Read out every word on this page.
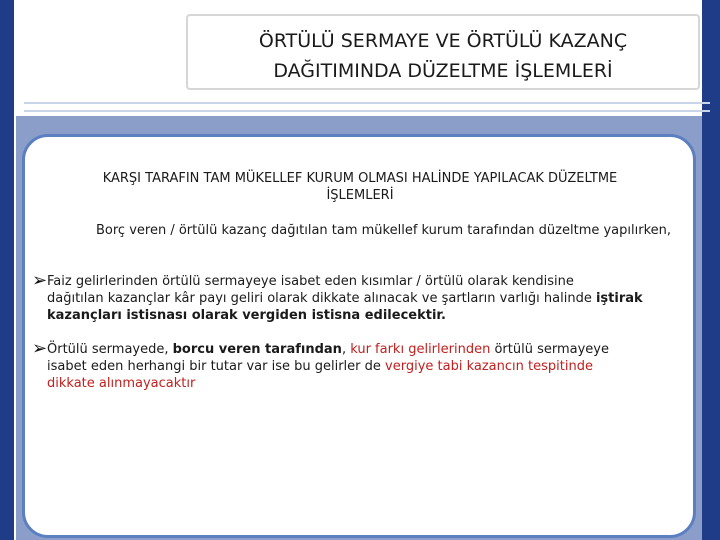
ÖRTÜLÜ SERMAYE VE ÖRTÜLÜ KAZANÇ
DAĞITIMINDA DÜZELTME İŞLEMLERİ
KARŞI TARAFIN TAM MÜKELLEF KURUM OLMASI HALİNDE YAPILACAK DÜZELTME
İŞLEMLERİ
Borç veren / örtülü kazanç dağıtılan tam mükellef kurum tarafından düzeltme yapılırken,
➢Faiz gelirlerinden örtülü sermayeye isabet eden kısımlar / örtülü olarak kendisine
dağıtılan kazançlar kâr payı geliri olarak dikkate alınacak ve şartların varlığı halinde iştirak
kazançları istisnası olarak vergiden istisna edilecektir.
➢Örtülü sermayede, borcu veren tarafından, kur farkı gelirlerinden örtülü sermayeye
isabet eden herhangi bir tutar var ise bu gelirler de vergiye tabi kazancın tespitinde
dikkate alınmayacaktır
